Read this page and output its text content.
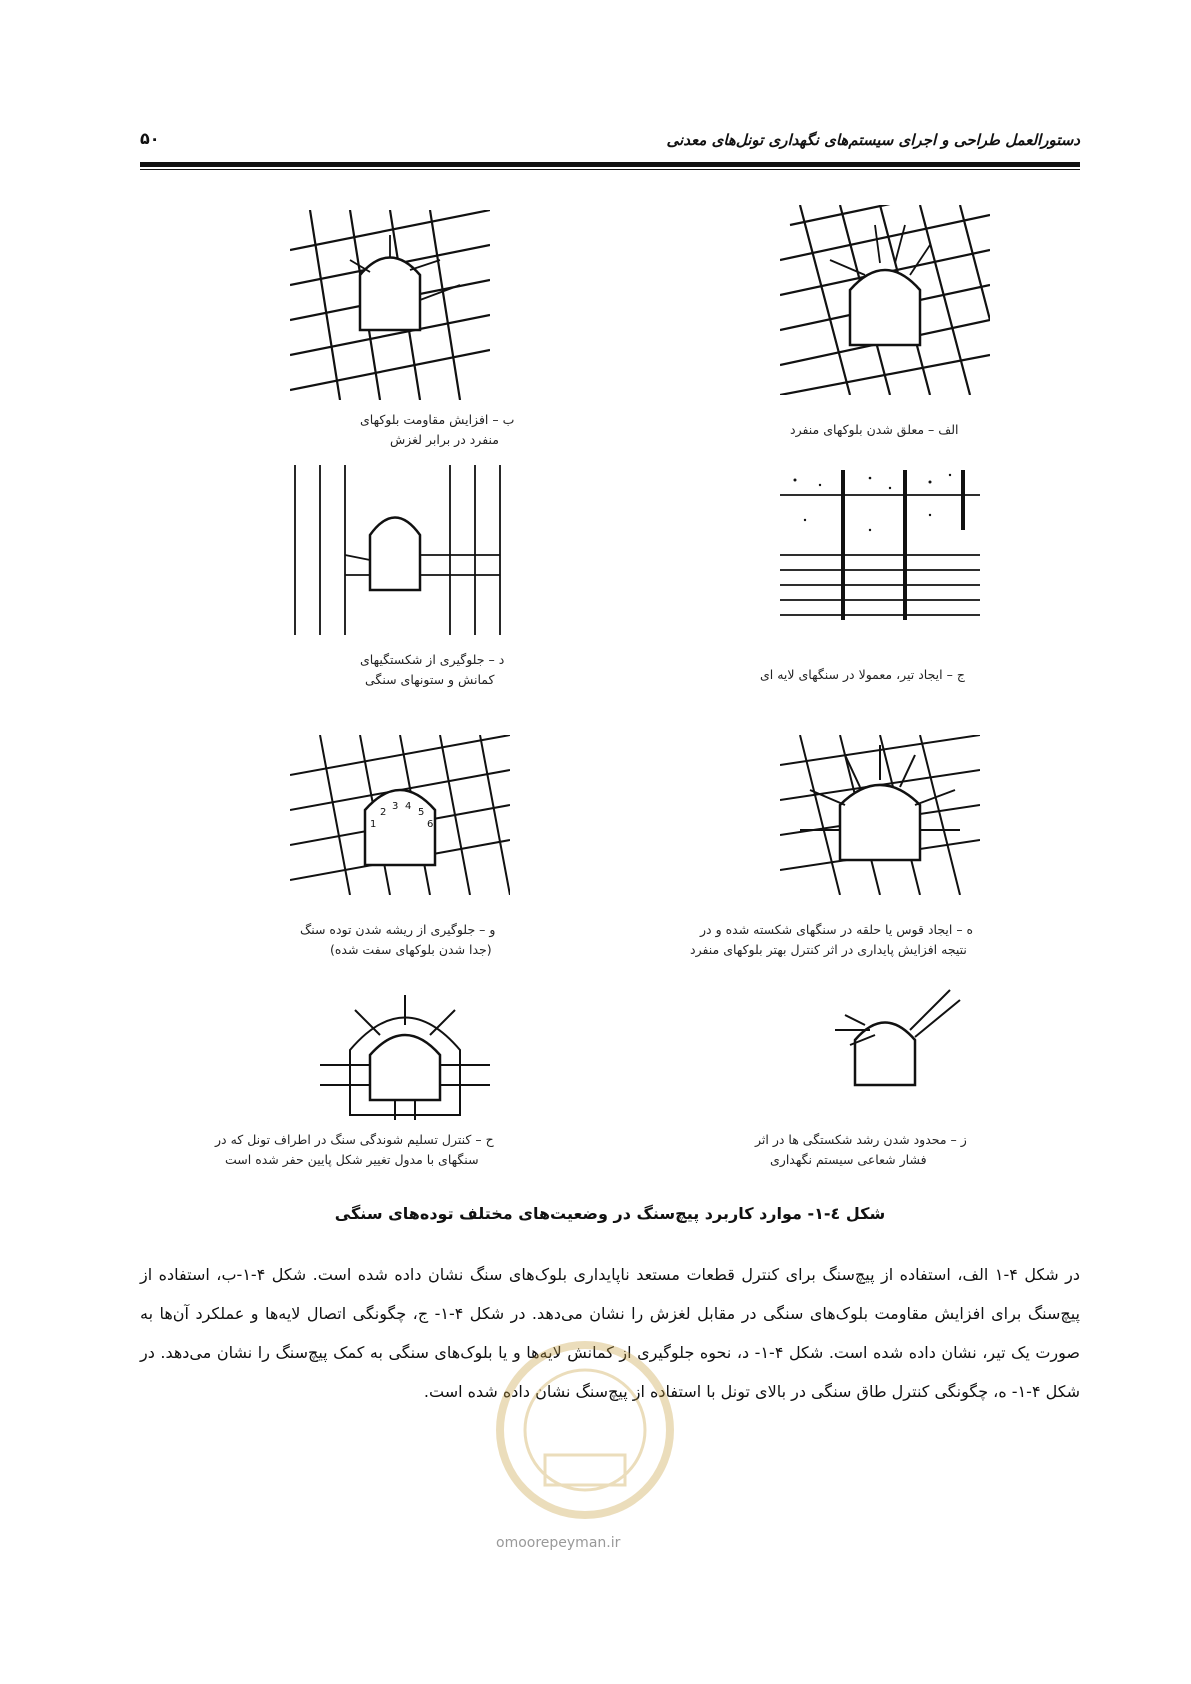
دستورالعمل طراحی و اجرای سیستم‌های نگهداری تونل‌های معدنی
۵۰
الف – معلق شدن بلوکهای منفرد
ب – افزایش مقاومت بلوکهای
منفرد در برابر لغزش
ج – ایجاد تیر، معمولا در سنگهای لایه ای
د – جلوگیری از شکستگیهای
کمانش و ستونهای سنگی
ه – ایجاد قوس یا حلقه در سنگهای شکسته شده و در
نتیجه افزایش پایداری در اثر کنترل بهتر بلوکهای منفرد
1
2
3 4
5
6
و – جلوگیری از ریشه شدن توده سنگ
(جدا شدن بلوکهای سفت شده)
ز – محدود شدن رشد شکستگی ها در اثر
فشار شعاعی سیستم نگهداری
ح – کنترل تسلیم شوندگی سنگ در اطراف تونل که در
سنگهای با مدول تغییر شکل پایین حفر شده است
شکل ٤-١- موارد کاربرد پیچ‌سنگ در وضعیت‌های مختلف توده‌های سنگی
در شکل ۴-۱ الف، استفاده از پیچ‌سنگ برای کنترل قطعات مستعد ناپایداری بلوک‌های سنگ نشان داده شده است. شکل ۴-۱-ب، استفاده از پیچ‌سنگ برای افزایش مقاومت بلوک‌های سنگی در مقابل لغزش را نشان می‌دهد. در شکل ۴-۱- ج، چگونگی اتصال لایه‌ها و عملکرد آن‌ها به صورت یک تیر، نشان داده شده است. شکل ۴-۱- د، نحوه جلوگیری از کمانش لایه‌ها و یا بلوک‌های سنگی به کمک پیچ‌سنگ را نشان می‌دهد. در شکل ۴-۱- ه، چگونگی کنترل طاق سنگی در بالای تونل با استفاده از پیچ‌سنگ نشان داده شده است.
omoorepeyman.ir
